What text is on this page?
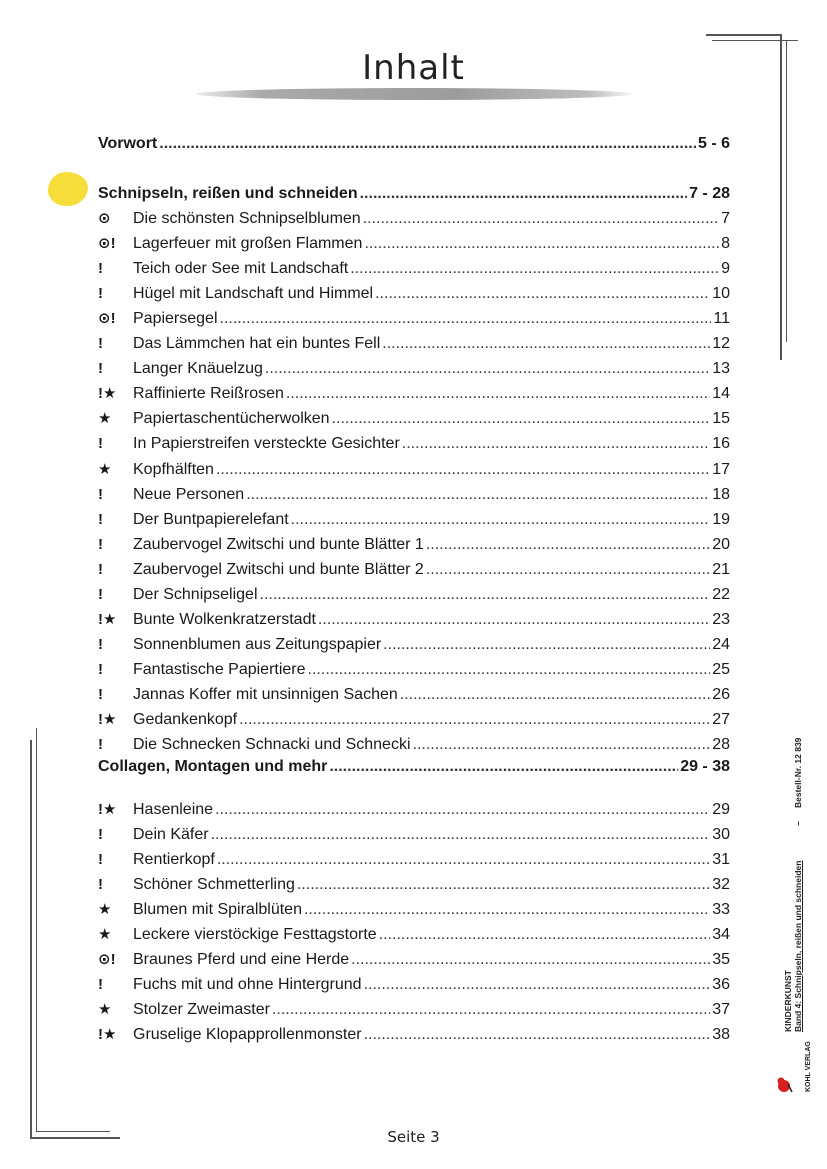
Inhalt
Vorwort .....	5 - 6
Schnipseln, reißen und schneiden .....	7 - 28
⊙	Die schönsten Schnipselblumen .....	7
⊙!	Lagerfeuer mit großen Flammen .....	8
!	Teich oder See mit Landschaft .....	9
!	Hügel mit Landschaft und Himmel .....	10
⊙!	Papiersegel .....	11
!	Das Lämmchen hat ein buntes Fell .....	12
!	Langer Knäuelzug .....	13
!★	Raffinierte Reißrosen .....	14
★	Papiertaschentücherwolken .....	15
!	In Papierstreifen versteckte Gesichter .....	16
★	Kopfhälften .....	17
!	Neue Personen .....	18
!	Der Buntpapierelefant .....	19
!	Zaubervogel Zwitschi und bunte Blätter 1 .....	20
!	Zaubervogel Zwitschi und bunte Blätter 2 .....	21
!	Der Schnipseligel .....	22
!★	Bunte Wolkenkratzerstadt .....	23
!	Sonnenblumen aus Zeitungspapier .....	24
!	Fantastische Papiertiere .....	25
!	Jannas Koffer mit unsinnigen Sachen .....	26
!★	Gedankenkopf .....	27
!	Die Schnecken Schnacki und Schnecki .....	28
Collagen, Montagen und mehr .....	29 - 38
!★	Hasenleine .....	29
!	Dein Käfer .....	30
!	Rentierkopf .....	31
!	Schöner Schmetterling .....	32
★	Blumen mit Spiralblüten .....	33
★	Leckere vierstöckige Festtagstorte .....	34
⊙!	Braunes Pferd und eine Herde .....	35
!	Fuchs mit und ohne Hintergrund .....	36
★	Stolzer Zweimaster .....	37
!★	Gruselige Klopapprollenmonster .....	38
KINDERKUNST Band 4: Schnipseln, reißen und schneiden
–
Bestell-Nr. 12 839
KOHL VERLAG
Seite 3
